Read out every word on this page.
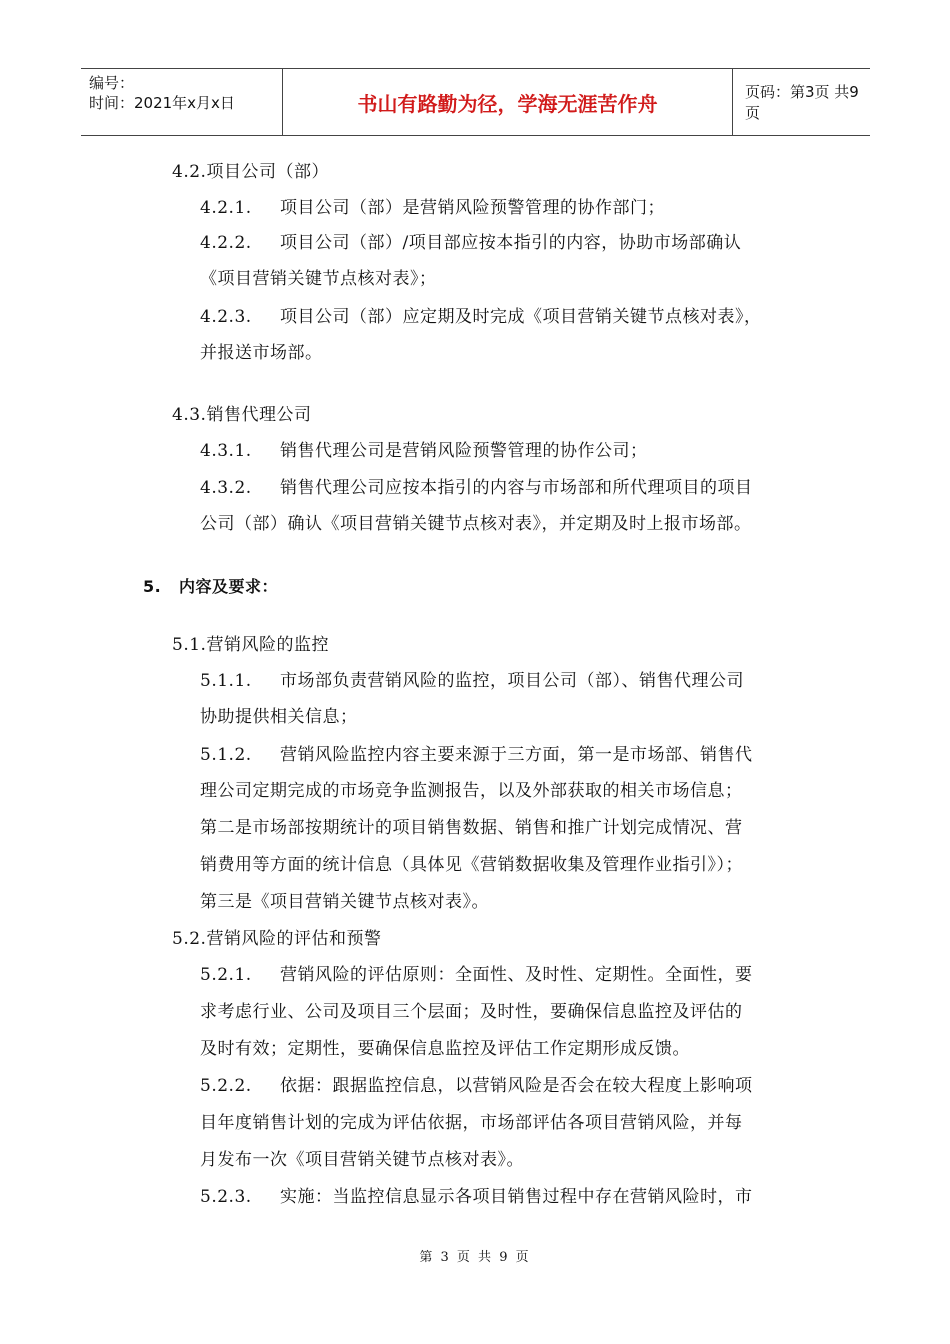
编号：
时间：2021年x月x日	书山有路勤为径，学海无涯苦作舟	页码：第3页 共9页
4.2.项目公司（部）
4.2.1. 项目公司（部）是营销风险预警管理的协作部门；
4.2.2. 项目公司（部）/项目部应按本指引的内容，协助市场部确认
《项目营销关键节点核对表》；
4.2.3. 项目公司（部）应定期及时完成《项目营销关键节点核对表》，
并报送市场部。
4.3.销售代理公司
4.3.1. 销售代理公司是营销风险预警管理的协作公司；
4.3.2. 销售代理公司应按本指引的内容与市场部和所代理项目的项目
公司（部）确认《项目营销关键节点核对表》，并定期及时上报市场部。
5. 内容及要求：
5.1.营销风险的监控
5.1.1. 市场部负责营销风险的监控，项目公司（部）、销售代理公司
协助提供相关信息；
5.1.2. 营销风险监控内容主要来源于三方面，第一是市场部、销售代
理公司定期完成的市场竞争监测报告，以及外部获取的相关市场信息；
第二是市场部按期统计的项目销售数据、销售和推广计划完成情况、营
销费用等方面的统计信息（具体见《营销数据收集及管理作业指引》）；
第三是《项目营销关键节点核对表》。
5.2.营销风险的评估和预警
5.2.1. 营销风险的评估原则：全面性、及时性、定期性。全面性，要
求考虑行业、公司及项目三个层面；及时性，要确保信息监控及评估的
及时有效；定期性，要确保信息监控及评估工作定期形成反馈。
5.2.2. 依据：跟据监控信息，以营销风险是否会在较大程度上影响项
目年度销售计划的完成为评估依据，市场部评估各项目营销风险，并每
月发布一次《项目营销关键节点核对表》。
5.2.3. 实施：当监控信息显示各项目销售过程中存在营销风险时，市
第 3 页 共 9 页
